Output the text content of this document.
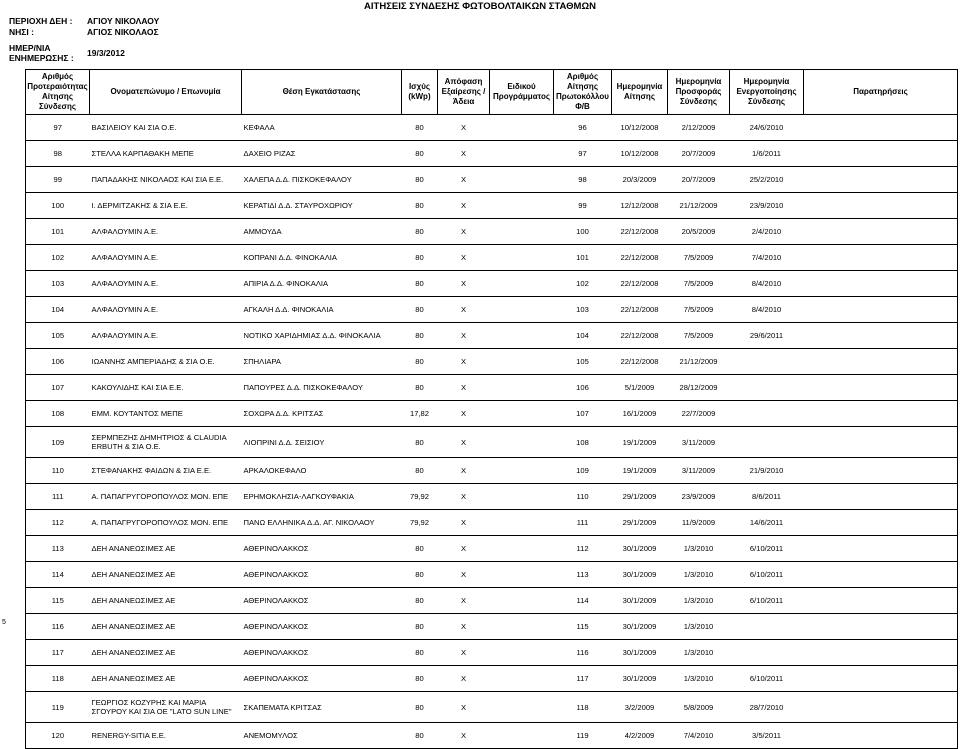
ΑΙΤΗΣΕΙΣ ΣΥΝΔΕΣΗΣ ΦΩΤΟΒΟΛΤΑΙΚΩΝ ΣΤΑΘΜΩΝ
ΠΕΡΙΟΧΗ ΔΕΗ : ΑΓΙΟΥ ΝΙΚΟΛΑΟΥ
ΝΗΣΙ :	ΑΓΙΟΣ ΝΙΚΟΛΑΟΣ
ΗΜΕΡ/ΝΙΑ
ΕΝΗΜΕΡΩΣΗΣ : 19/3/2012
Αριθμός Προτεραιότητας Αίτησης Σύνδεσης	Ονοματεπώνυμο / Επωνυμία	Θέση Εγκατάστασης	Ισχύς (kWp)	Απόφαση Εξαίρεσης / Άδεια	Ειδικού Προγράμματος	Αριθμός Αίτησης Πρωτοκόλλου Φ/Β	Ημερομηνία Αίτησης	Ημερομηνία Προσφοράς Σύνδεσης	Ημερομηνία Ενεργοποίησης Σύνδεσης	Παρατηρήσεις

97	ΒΑΣΙΛΕΙΟΥ ΚΑΙ ΣΙΑ Ο.Ε.	ΚΕΦΑΛΑ	80	Χ		96	10/12/2008	2/12/2009	24/6/2010	

98	ΣΤΕΛΛΑ ΚΑΡΠΑΘΑΚΗ ΜΕΠΕ	ΔΑΧΕΙΟ ΡΙΖΑΣ	80	Χ		97	10/12/2008	20/7/2009	1/6/2011	

99	ΠΑΠΑΔΑΚΗΣ ΝΙΚΟΛΑΟΣ ΚΑΙ ΣΙΑ Ε.Ε.	ΧΑΛΕΠΑ Δ.Δ. ΠΙΣΚΟΚΕΦΑΛΟΥ	80	Χ		98	20/3/2009	20/7/2009	25/2/2010	

100	Ι. ΔΕΡΜΙΤΖΑΚΗΣ & ΣΙΑ Ε.Ε.	ΚΕΡΑΤΙΔΙ Δ.Δ. ΣΤΑΥΡΟΧΩΡΙΟΥ	80	Χ		99	12/12/2008	21/12/2009	23/9/2010	

101	ΑΛΦΑΛΟΥΜΙΝ Α.Ε.	ΑΜΜΟΥΔΑ	80	Χ		100	22/12/2008	20/5/2009	2/4/2010	

102	ΑΛΦΑΛΟΥΜΙΝ Α.Ε.	ΚΟΠΡΑΝΙ Δ.Δ. ΦΙΝΟΚΑΛΙΑ	80	Χ		101	22/12/2008	7/5/2009	7/4/2010	

103	ΑΛΦΑΛΟΥΜΙΝ Α.Ε.	ΑΠΙΡΙΑ Δ.Δ. ΦΙΝΟΚΑΛΙΑ	80	Χ		102	22/12/2008	7/5/2009	8/4/2010	

104	ΑΛΦΑΛΟΥΜΙΝ Α.Ε.	ΑΓΚΑΛΗ Δ.Δ. ΦΙΝΟΚΑΛΙΑ	80	Χ		103	22/12/2008	7/5/2009	8/4/2010	

105	ΑΛΦΑΛΟΥΜΙΝ Α.Ε.	ΝΟΤΙΚΟ ΧΑΡΙΔΗΜΙΑΣ Δ.Δ. ΦΙΝΟΚΑΛΙΑ	80	Χ		104	22/12/2008	7/5/2009	29/6/2011	

106	ΙΩΑΝΝΗΣ ΑΜΠΕΡΙΑΔΗΣ & ΣΙΑ Ο.Ε.	ΣΠΗΛΙΑΡΑ	80	Χ		105	22/12/2008	21/12/2009		

107	ΚΑΚΟΥΛΙΔΗΣ ΚΑΙ ΣΙΑ Ε.Ε.	ΠΑΠΟΥΡΕΣ Δ.Δ. ΠΙΣΚΟΚΕΦΑΛΟΥ	80	Χ		106	5/1/2009	28/12/2009		

108	ΕΜΜ. ΚΟΥΤΑΝΤΟΣ ΜΕΠΕ	ΣΟΧΩΡΑ Δ.Δ. ΚΡΙΤΣΑΣ	17,82	Χ		107	16/1/2009	22/7/2009		

109	ΣΕΡΜΠΕΖΗΣ ΔΗΜΗΤΡΙΟΣ & CLAUDIA ERBUTH & ΣΙΑ Ο.Ε.	ΛΙΟΠΡΙΝΙ Δ.Δ. ΣΕΙΣΙΟΥ	80	Χ		108	19/1/2009	3/11/2009		

110	ΣΤΕΦΑΝΑΚΗΣ ΦΑΙΔΩΝ & ΣΙΑ Ε.Ε.	ΑΡΚΑΛΟΚΕΦΑΛΟ	80	Χ		109	19/1/2009	3/11/2009	21/9/2010	

111	Α. ΠΑΠΑΓΡΥΓΟΡΟΠΟΥΛΟΣ ΜΟΝ. ΕΠΕ	ΕΡΗΜΟΚΛΗΣΙΑ-ΛΑΓΚΟΥΦΑΚΙΑ	79,92	Χ		110	29/1/2009	23/9/2009	8/6/2011	

112	Α. ΠΑΠΑΓΡΥΓΟΡΟΠΟΥΛΟΣ ΜΟΝ. ΕΠΕ	ΠΑΝΩ ΕΛΛΗΝΙΚΑ Δ.Δ. ΑΓ. ΝΙΚΟΛΑΟΥ	79,92	Χ		111	29/1/2009	11/9/2009	14/6/2011	

113	ΔΕΗ ΑΝΑΝΕΩΣΙΜΕΣ ΑΕ	ΑΘΕΡΙΝΟΛΑΚΚΟΣ	80	Χ		112	30/1/2009	1/3/2010	6/10/2011	

114	ΔΕΗ ΑΝΑΝΕΩΣΙΜΕΣ ΑΕ	ΑΘΕΡΙΝΟΛΑΚΚΟΣ	80	Χ		113	30/1/2009	1/3/2010	6/10/2011	

115	ΔΕΗ ΑΝΑΝΕΩΣΙΜΕΣ ΑΕ	ΑΘΕΡΙΝΟΛΑΚΚΟΣ	80	Χ		114	30/1/2009	1/3/2010	6/10/2011	

116	ΔΕΗ ΑΝΑΝΕΩΣΙΜΕΣ ΑΕ	ΑΘΕΡΙΝΟΛΑΚΚΟΣ	80	Χ		115	30/1/2009	1/3/2010		

117	ΔΕΗ ΑΝΑΝΕΩΣΙΜΕΣ ΑΕ	ΑΘΕΡΙΝΟΛΑΚΚΟΣ	80	Χ		116	30/1/2009	1/3/2010		

118	ΔΕΗ ΑΝΑΝΕΩΣΙΜΕΣ ΑΕ	ΑΘΕΡΙΝΟΛΑΚΚΟΣ	80	Χ		117	30/1/2009	1/3/2010	6/10/2011	

119	ΓΕΩΡΓΙΟΣ ΚΟΖΥΡΗΣ ΚΑΙ ΜΑΡΙΑ ΣΓΟΥΡΟΥ ΚΑΙ ΣΙΑ ΟΕ "LATO SUN LINE"	ΣΚΑΠΕΜΑΤΑ ΚΡΙΤΣΑΣ	80	Χ		118	3/2/2009	5/8/2009	28/7/2010	

120	RENERGY-SITIA Ε.Ε.	ΑΝΕΜΟΜΥΛΟΣ	80	Χ		119	4/2/2009	7/4/2010	3/5/2011	

5
